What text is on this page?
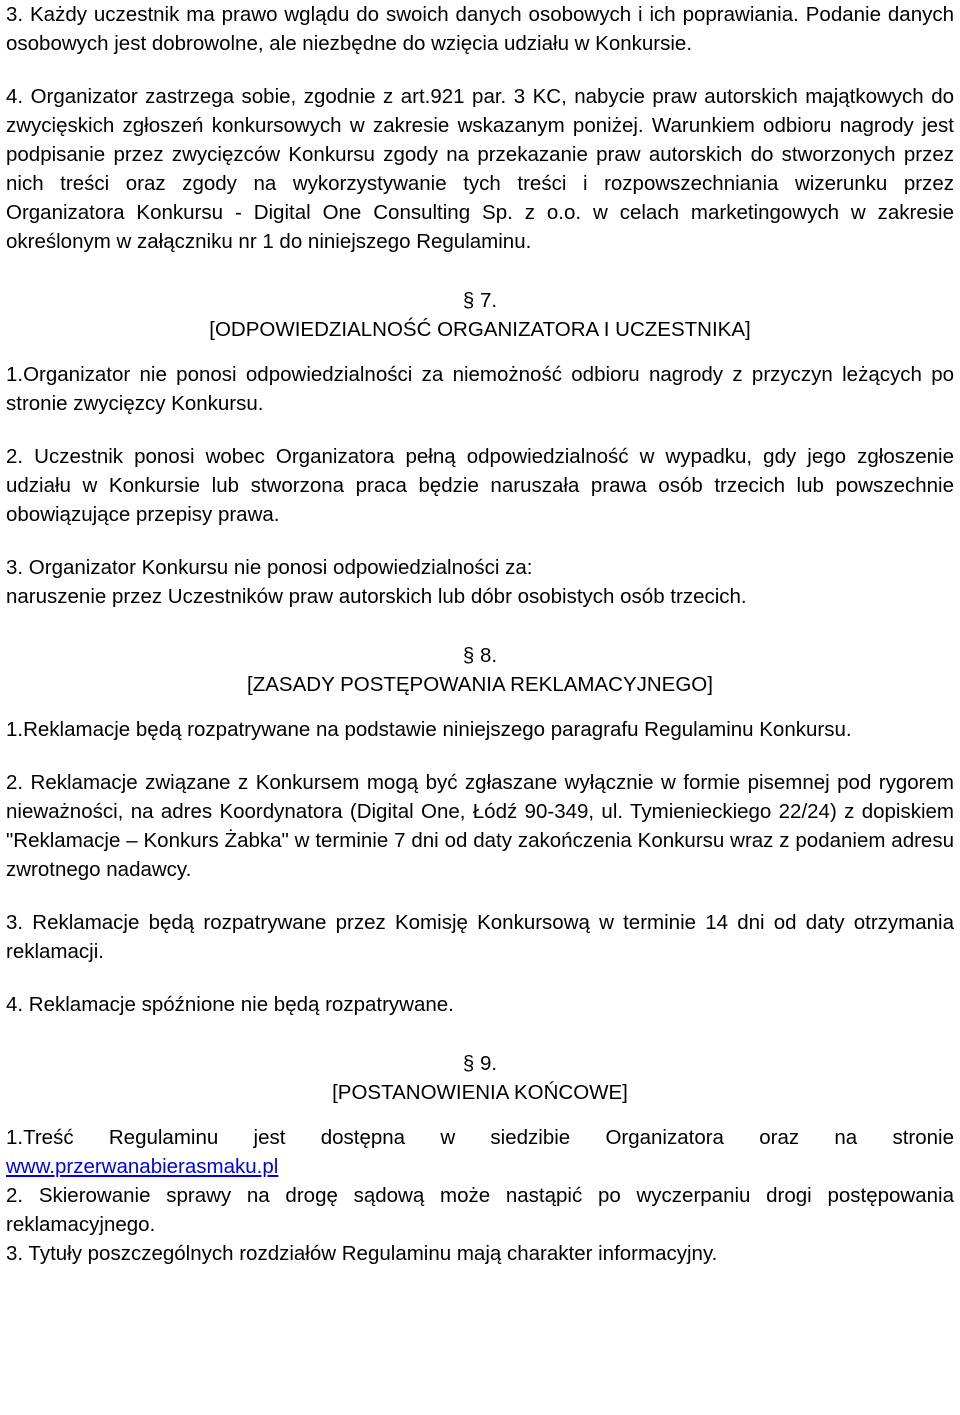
3. Każdy uczestnik ma prawo wglądu do swoich danych osobowych i ich poprawiania. Podanie danych osobowych jest dobrowolne, ale niezbędne do wzięcia udziału w Konkursie.

4. Organizator zastrzega sobie, zgodnie z art.921 par. 3 KC, nabycie praw autorskich majątkowych do zwycięskich zgłoszeń konkursowych w zakresie wskazanym poniżej. Warunkiem odbioru nagrody jest podpisanie przez zwycięzców Konkursu zgody na przekazanie praw autorskich do stworzonych przez nich treści oraz zgody na wykorzystywanie tych treści i rozpowszechniania wizerunku przez Organizatora Konkursu - Digital One Consulting Sp. z o.o. w celach marketingowych w zakresie określonym w załączniku nr 1 do niniejszego Regulaminu.

§ 7.

[ODPOWIEDZIALNOŚĆ ORGANIZATORA I UCZESTNIKA]

1.Organizator nie ponosi odpowiedzialności za niemożność odbioru nagrody z przyczyn leżących po stronie zwycięzcy Konkursu.

2. Uczestnik ponosi wobec Organizatora pełną odpowiedzialność w wypadku, gdy jego zgłoszenie udziału w Konkursie lub stworzona praca będzie naruszała prawa osób trzecich lub powszechnie obowiązujące przepisy prawa.

3. Organizator Konkursu nie ponosi odpowiedzialności za:

naruszenie przez Uczestników praw autorskich lub dóbr osobistych osób trzecich.

§ 8.

[ZASADY POSTĘPOWANIA REKLAMACYJNEGO]

1.Reklamacje będą rozpatrywane na podstawie niniejszego paragrafu Regulaminu Konkursu.

2. Reklamacje związane z Konkursem mogą być zgłaszane wyłącznie w formie pisemnej pod rygorem nieważności, na adres Koordynatora (Digital One, Łódź 90-349, ul. Tymienieckiego 22/24) z dopiskiem "Reklamacje – Konkurs Żabka" w terminie 7 dni od daty zakończenia Konkursu wraz z podaniem adresu zwrotnego nadawcy.

3. Reklamacje będą rozpatrywane przez Komisję Konkursową w terminie 14 dni od daty otrzymania reklamacji.

4. Reklamacje spóźnione nie będą rozpatrywane.

§ 9.

[POSTANOWIENIA KOŃCOWE]

1.Treść Regulaminu jest dostępna w siedzibie Organizatora oraz na stronie www.przerwanabierasmaku.pl

2. Skierowanie sprawy na drogę sądową może nastąpić po wyczerpaniu drogi postępowania reklamacyjnego.

3. Tytuły poszczególnych rozdziałów Regulaminu mają charakter informacyjny.
